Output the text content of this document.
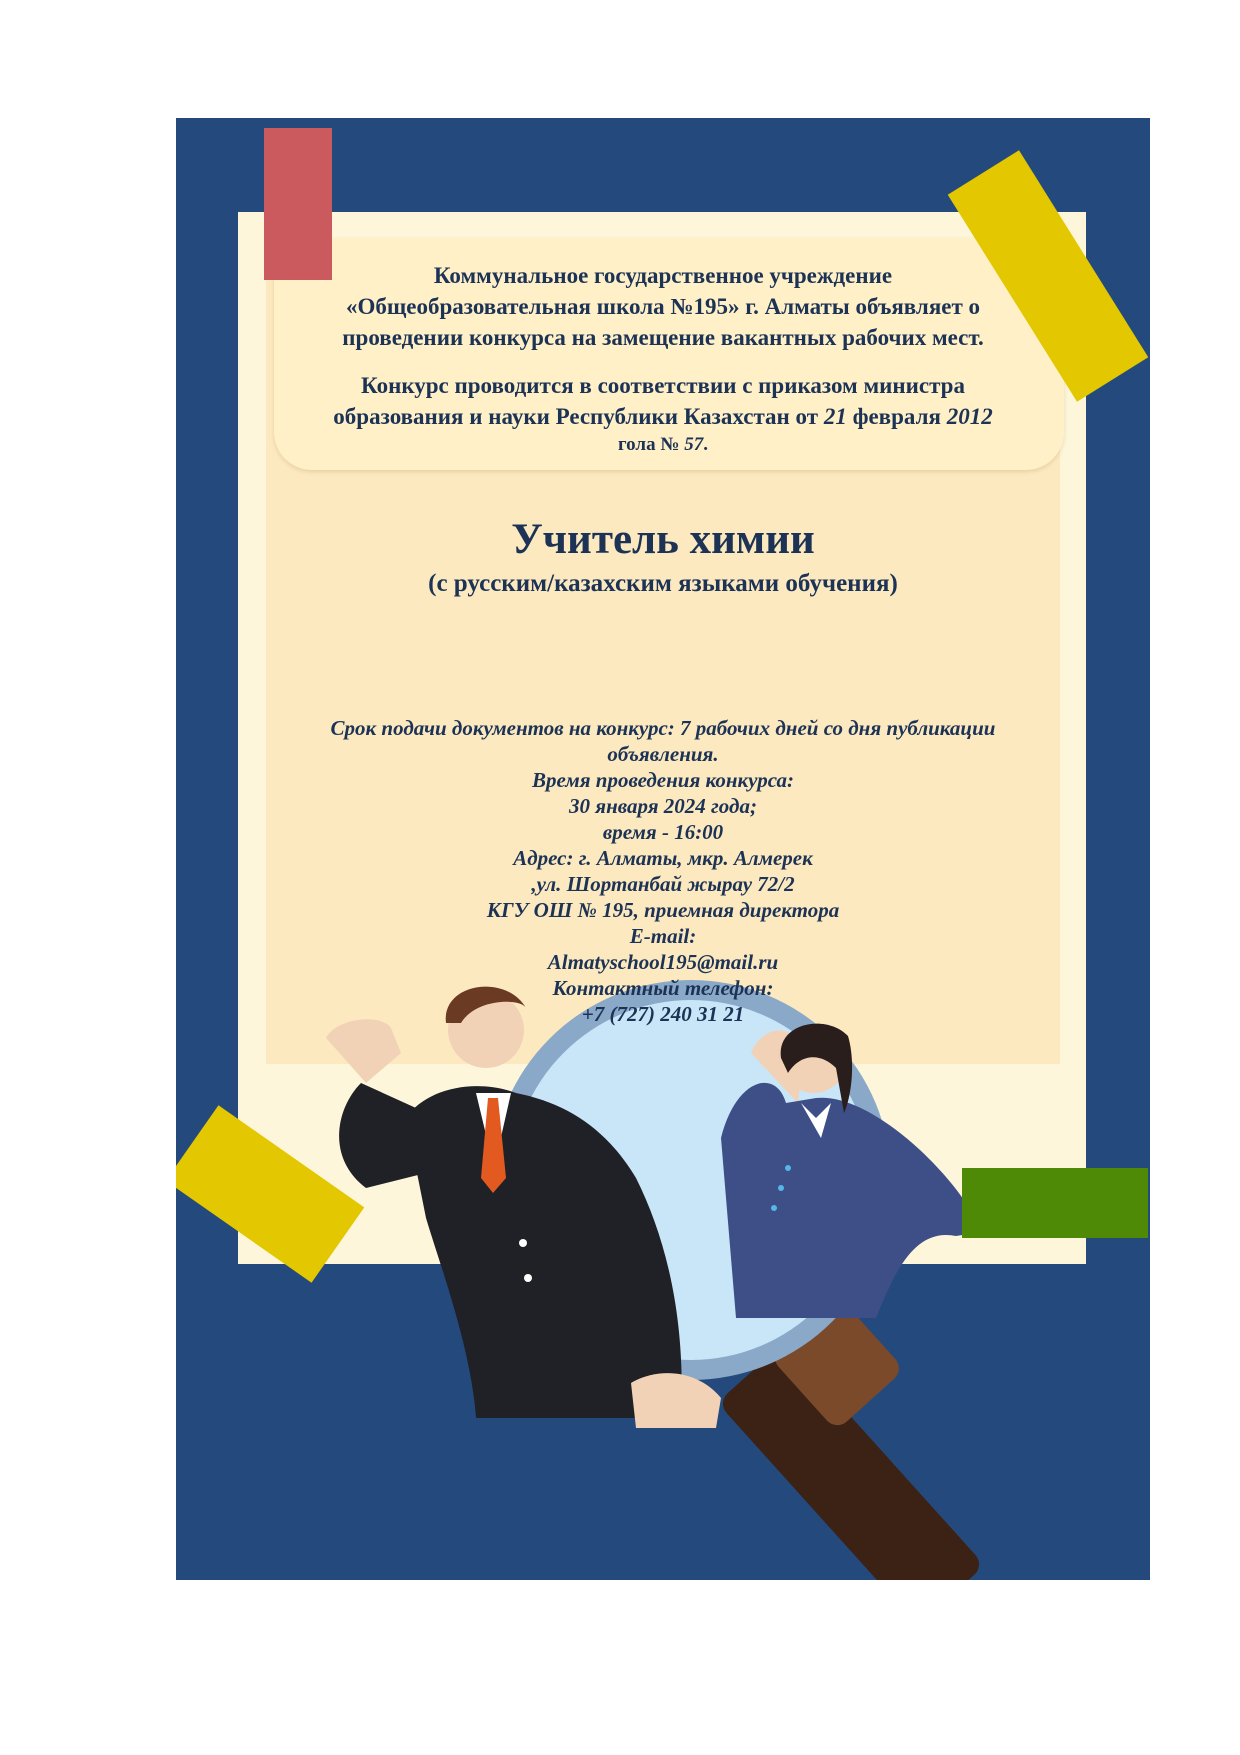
Коммунальное государственное учреждение
«Общеобразовательная школа №195» г. Алматы объявляет о
проведении конкурса на замещение вакантных рабочих мест.
Конкурс проводится в соответствии с приказом министра
образования и науки Республики Казахстан от 21 февраля 2012
гола № 57.
Учитель химии
(с русским/казахским языками обучения)
Срок подачи документов на конкурс: 7 рабочих дней со дня публикации
объявления.
Время проведения конкурса:
30 января 2024 года;
время - 16:00
Адрес: г. Алматы, мкр. Алмерек
,ул. Шортанбай жырау 72/2
КГУ ОШ № 195, приемная директора
E-mail:
Almatyschool195@mail.ru
Контактный телефон:
+7 (727) 240 31 21
